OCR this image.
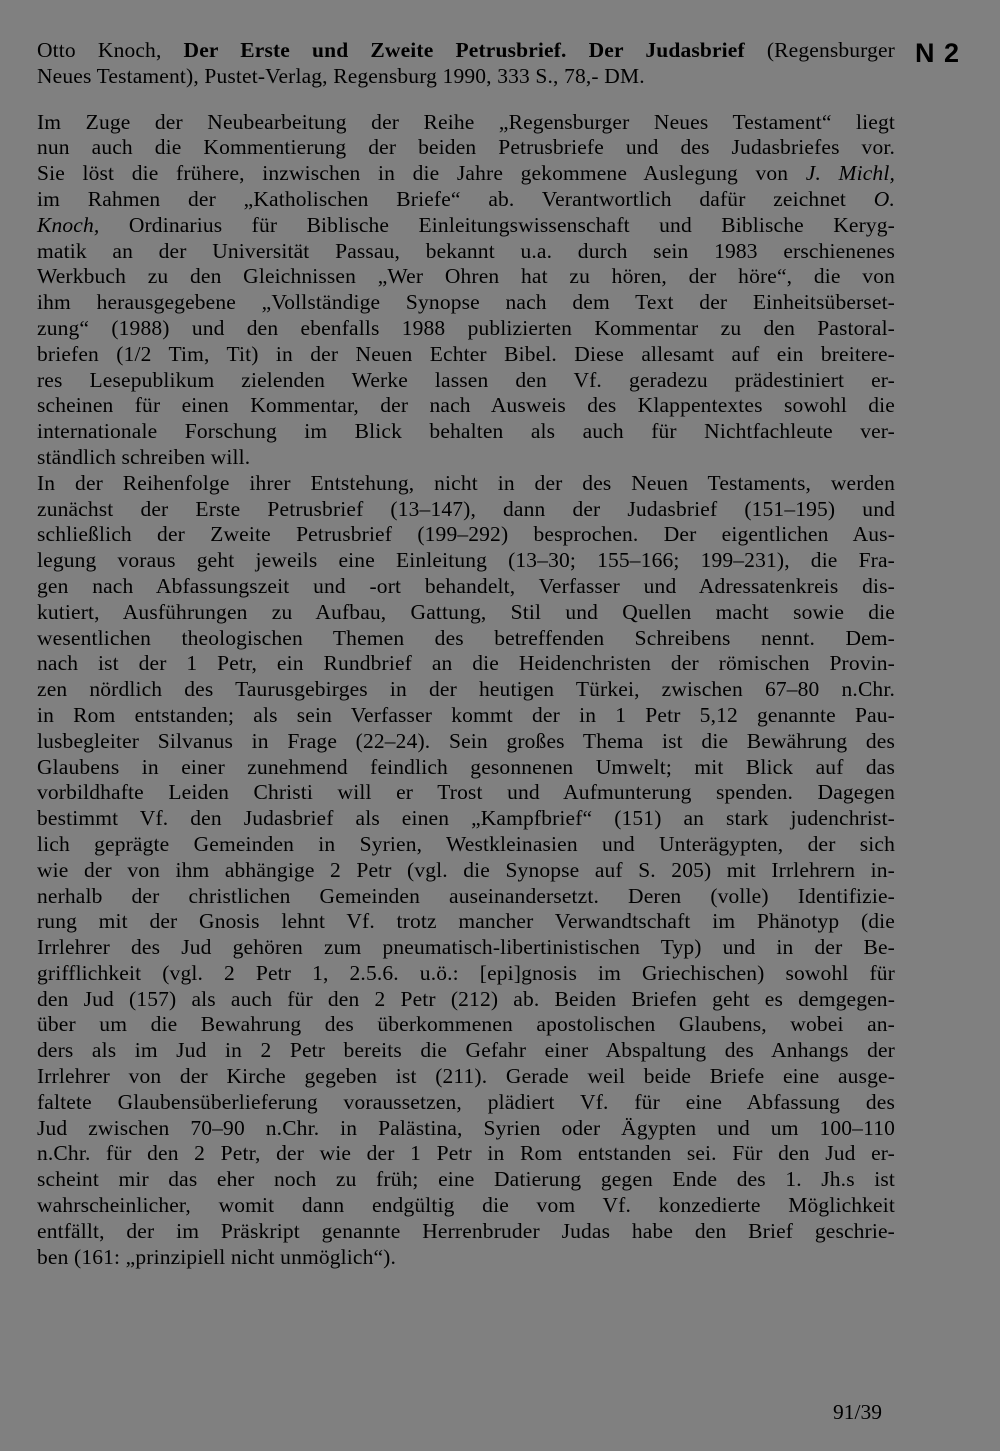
N 2
Otto Knoch, Der Erste und Zweite Petrusbrief. Der Judasbrief (Regensburger
Neues Testament), Pustet-Verlag, Regensburg 1990, 333 S., 78,- DM.
Im Zuge der Neubearbeitung der Reihe „Regensburger Neues Testament“ liegt
nun auch die Kommentierung der beiden Petrusbriefe und des Judasbriefes vor.
Sie löst die frühere, inzwischen in die Jahre gekommene Auslegung von J. Michl,
im Rahmen der „Katholischen Briefe“ ab. Verantwortlich dafür zeichnet O.
Knoch, Ordinarius für Biblische Einleitungswissenschaft und Biblische Keryg-
matik an der Universität Passau, bekannt u.a. durch sein 1983 erschienenes
Werkbuch zu den Gleichnissen „Wer Ohren hat zu hören, der höre“, die von
ihm herausgegebene „Vollständige Synopse nach dem Text der Einheitsüberset-
zung“ (1988) und den ebenfalls 1988 publizierten Kommentar zu den Pastoral-
briefen (1/2 Tim, Tit) in der Neuen Echter Bibel. Diese allesamt auf ein breitere-
res Lesepublikum zielenden Werke lassen den Vf. geradezu prädestiniert er-
scheinen für einen Kommentar, der nach Ausweis des Klappentextes sowohl die
internationale Forschung im Blick behalten als auch für Nichtfachleute ver-
ständlich schreiben will.
In der Reihenfolge ihrer Entstehung, nicht in der des Neuen Testaments, werden
zunächst der Erste Petrusbrief (13–147), dann der Judasbrief (151–195) und
schließlich der Zweite Petrusbrief (199–292) besprochen. Der eigentlichen Aus-
legung voraus geht jeweils eine Einleitung (13–30; 155–166; 199–231), die Fra-
gen nach Abfassungszeit und -ort behandelt, Verfasser und Adressatenkreis dis-
kutiert, Ausführungen zu Aufbau, Gattung, Stil und Quellen macht sowie die
wesentlichen theologischen Themen des betreffenden Schreibens nennt. Dem-
nach ist der 1 Petr, ein Rundbrief an die Heidenchristen der römischen Provin-
zen nördlich des Taurusgebirges in der heutigen Türkei, zwischen 67–80 n.Chr.
in Rom entstanden; als sein Verfasser kommt der in 1 Petr 5,12 genannte Pau-
lusbegleiter Silvanus in Frage (22–24). Sein großes Thema ist die Bewährung des
Glaubens in einer zunehmend feindlich gesonnenen Umwelt; mit Blick auf das
vorbildhafte Leiden Christi will er Trost und Aufmunterung spenden. Dagegen
bestimmt Vf. den Judasbrief als einen „Kampfbrief“ (151) an stark judenchrist-
lich geprägte Gemeinden in Syrien, Westkleinasien und Unterägypten, der sich
wie der von ihm abhängige 2 Petr (vgl. die Synopse auf S. 205) mit Irrlehrern in-
nerhalb der christlichen Gemeinden auseinandersetzt. Deren (volle) Identifizie-
rung mit der Gnosis lehnt Vf. trotz mancher Verwandtschaft im Phänotyp (die
Irrlehrer des Jud gehören zum pneumatisch-libertinistischen Typ) und in der Be-
grifflichkeit (vgl. 2 Petr 1, 2.5.6. u.ö.: [epi]gnosis im Griechischen) sowohl für
den Jud (157) als auch für den 2 Petr (212) ab. Beiden Briefen geht es demgegen-
über um die Bewahrung des überkommenen apostolischen Glaubens, wobei an-
ders als im Jud in 2 Petr bereits die Gefahr einer Abspaltung des Anhangs der
Irrlehrer von der Kirche gegeben ist (211). Gerade weil beide Briefe eine ausge-
faltete Glaubensüberlieferung voraussetzen, plädiert Vf. für eine Abfassung des
Jud zwischen 70–90 n.Chr. in Palästina, Syrien oder Ägypten und um 100–110
n.Chr. für den 2 Petr, der wie der 1 Petr in Rom entstanden sei. Für den Jud er-
scheint mir das eher noch zu früh; eine Datierung gegen Ende des 1. Jh.s ist
wahrscheinlicher, womit dann endgültig die vom Vf. konzedierte Möglichkeit
entfällt, der im Präskript genannte Herrenbruder Judas habe den Brief geschrie-
ben (161: „prinzipiell nicht unmöglich“).
91/39
